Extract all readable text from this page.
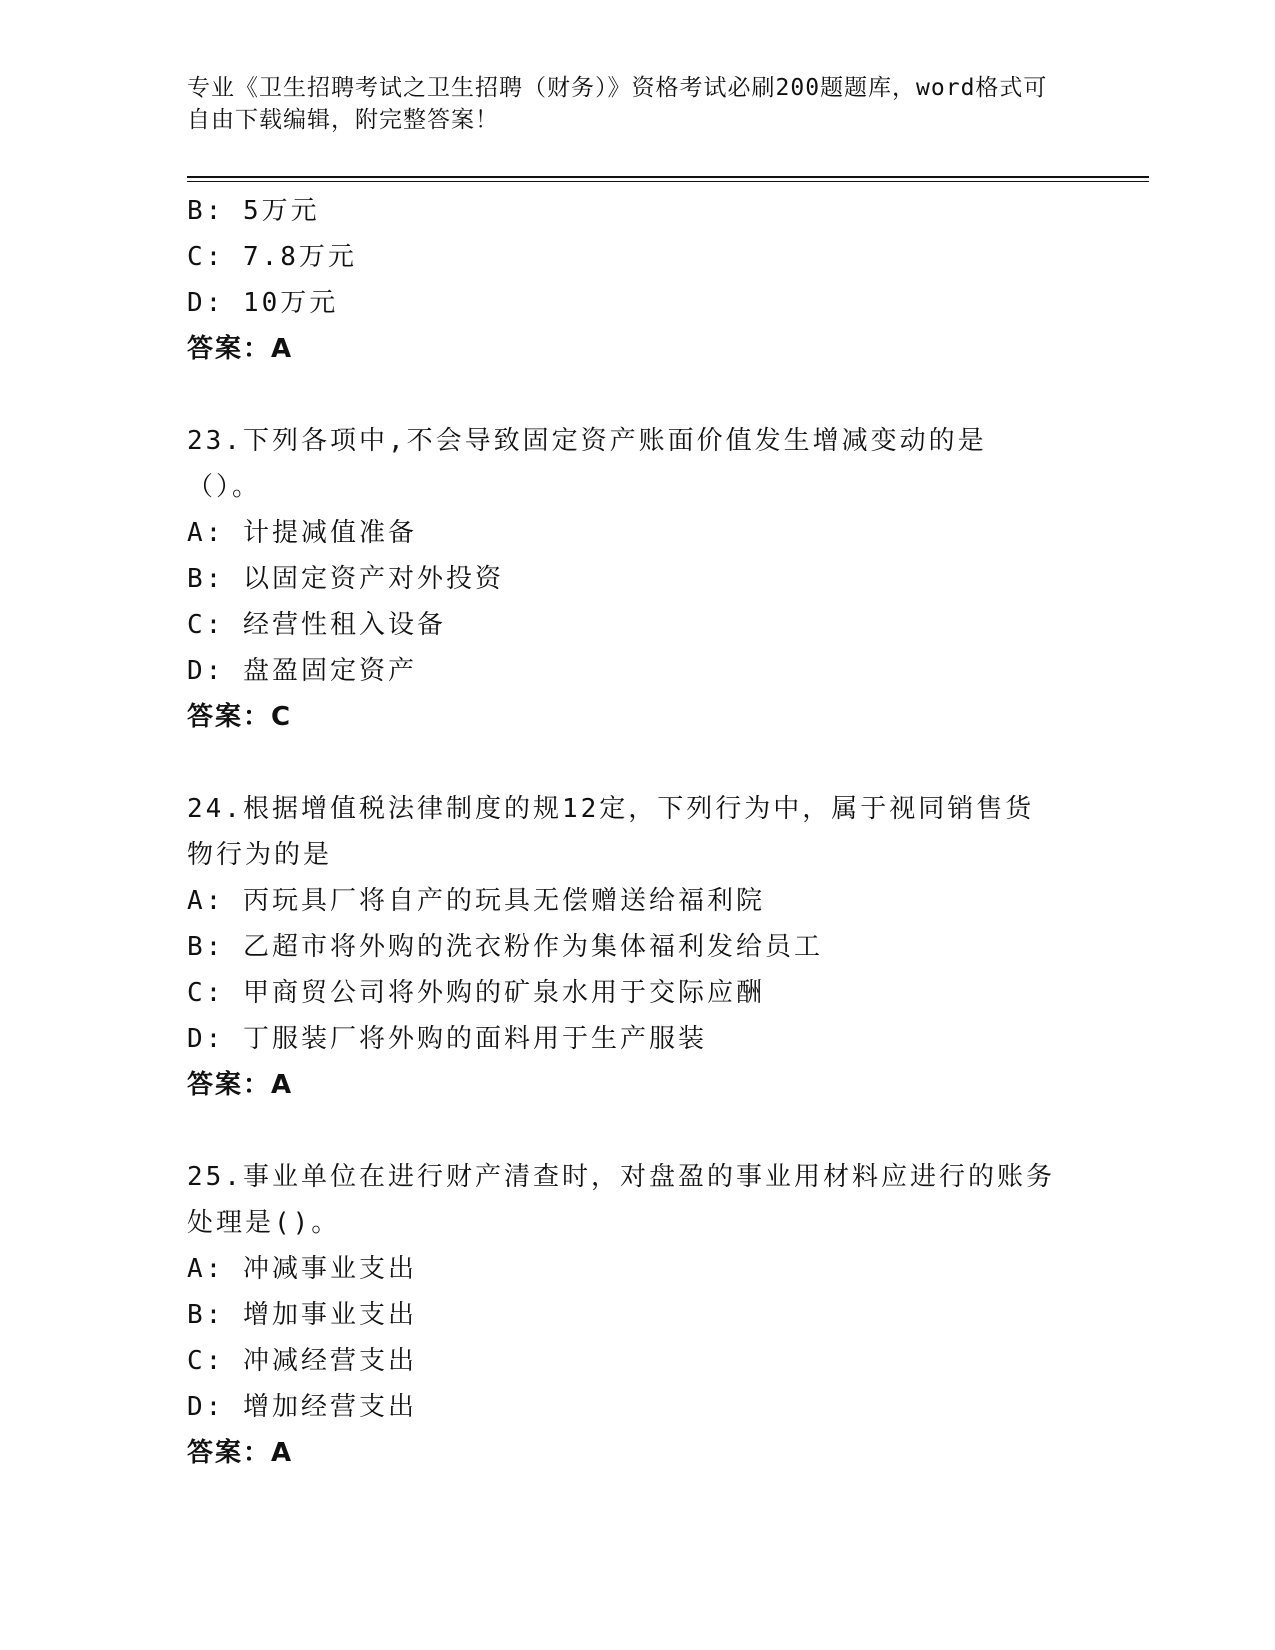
专业《卫生招聘考试之卫生招聘（财务）》资格考试必刷200题题库，word格式可自由下载编辑，附完整答案！
B: 5万元
C: 7.8万元
D: 10万元
答案：A
23.下列各项中,不会导致固定资产账面价值发生增减变动的是（）。
A: 计提减值准备
B: 以固定资产对外投资
C: 经营性租入设备
D: 盘盈固定资产
答案：C
24.根据增值税法律制度的规12定，下列行为中，属于视同销售货物行为的是
A: 丙玩具厂将自产的玩具无偿赠送给福利院
B: 乙超市将外购的洗衣粉作为集体福利发给员工
C: 甲商贸公司将外购的矿泉水用于交际应酬
D: 丁服装厂将外购的面料用于生产服装
答案：A
25.事业单位在进行财产清查时，对盘盈的事业用材料应进行的账务处理是()。
A: 冲减事业支出
B: 增加事业支出
C: 冲减经营支出
D: 增加经营支出
答案：A
